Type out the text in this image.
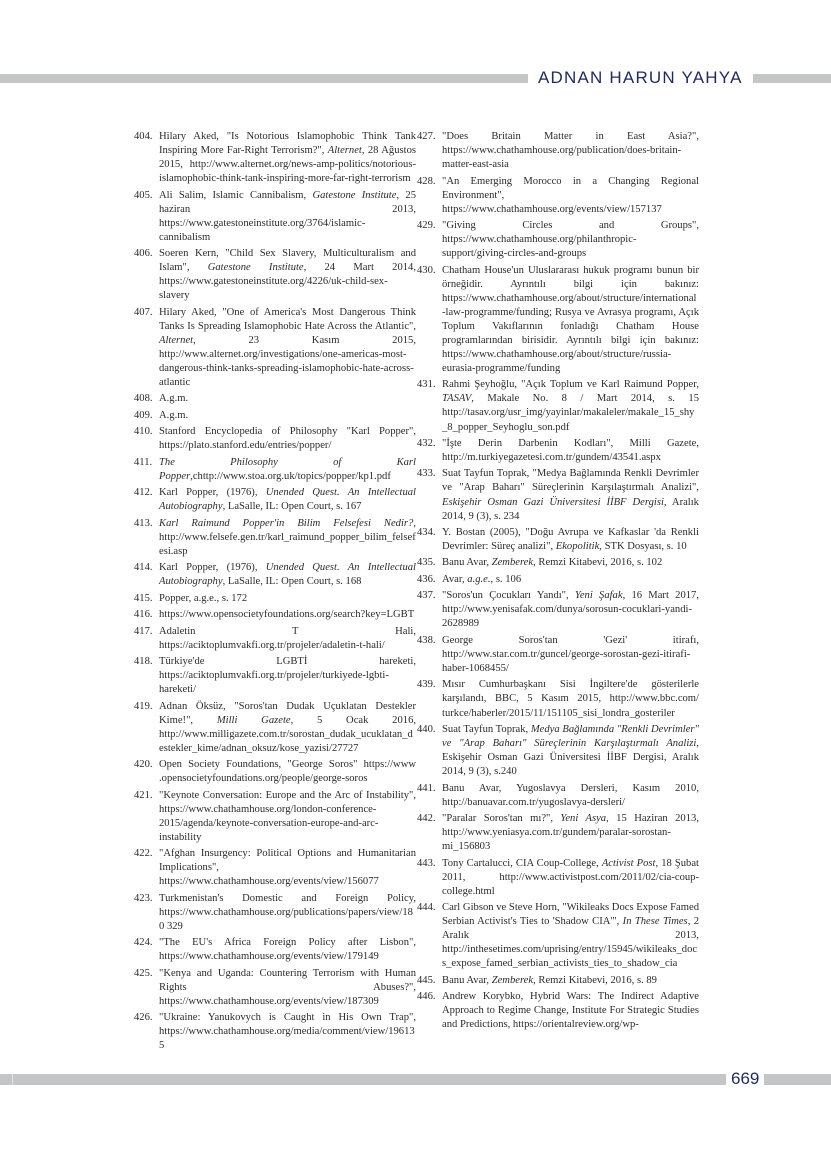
ADNAN HARUN YAHYA
404. Hilary Aked, "Is Notorious Islamophobic Think Tank Inspiring More Far-Right Terrorism?", Alternet, 28 Ağustos 2015, http://www.alternet.org/news-amp-politics/notorious-islamophobic-think-tank-inspiring-more-far-right-terrorism
405. Ali Salim, Islamic Cannibalism, Gatestone Institute, 25 haziran 2013, https://www.gatestoneinstitute.org/3764/islamic-cannibalism
406. Soeren Kern, "Child Sex Slavery, Multiculturalism and Islam", Gatestone Institute, 24 Mart 2014, https://www.gatestoneinstitute.org/4226/uk-child-sex-slavery
407. Hilary Aked, "One of America's Most Dangerous Think Tanks Is Spreading Islamophobic Hate Across the Atlantic", Alternet, 23 Kasım 2015, http://www.alternet.org/investigations/one-americas-most-dangerous-think-tanks-spreading-islamophobic-hate-across-atlantic
408. A.g.m.
409. A.g.m.
410. Stanford Encyclopedia of Philosophy "Karl Popper", https://plato.stanford.edu/entries/popper/
411. The Philosophy of Karl Popper,chttp://www.stoa.org.uk/topics/popper/kp1.pdf
412. Karl Popper, (1976), Unended Quest. An Intellectual Autobiography, LaSalle, IL: Open Court, s. 167
413. Karl Raimund Popper'in Bilim Felsefesi Nedir?, http://www.felsefe.gen.tr/karl_raimund_popper_bilim_felsefesi.asp
414. Karl Popper, (1976), Unended Quest. An Intellectual Autobiography, LaSalle, IL: Open Court, s. 168
415. Popper, a.g.e., s. 172
416. https://www.opensocietyfoundations.org/search?key=LGBT
417. Adaletin T Hali, https://aciktoplumvakfi.org.tr/projeler/adaletin-t-hali/
418. Türkiye'de LGBTİ hareketi, https://aciktoplumvakfi.org.tr/projeler/turkiyede-lgbti-hareketi/
419. Adnan Öksüz, "Soros'tan Dudak Uçuklatan Destekler Kime!", Milli Gazete, 5 Ocak 2016, http://www.milligazete.com.tr/sorostan_dudak_ucuklatan_destekler_kime/adnan_oksuz/kose_yazisi/27727
420. Open Society Foundations, "George Soros" https://www .opensocietyfoundations.org/people/george-soros
421. "Keynote Conversation: Europe and the Arc of Instability", https://www.chathamhouse.org/london-conference-2015/agenda/keynote-conversation-europe-and-arc-instability
422. "Afghan Insurgency: Political Options and Humanitarian Implications", https://www.chathamhouse.org/events/view/156077
423. Turkmenistan's Domestic and Foreign Policy, https://www.chathamhouse.org/publications/papers/view/180 329
424. "The EU's Africa Foreign Policy after Lisbon", https://www.chathamhouse.org/events/view/179149
425. "Kenya and Uganda: Countering Terrorism with Human Rights Abuses?", https://www.chathamhouse.org/events/view/187309
426. "Ukraine: Yanukovych is Caught in His Own Trap", https://www.chathamhouse.org/media/comment/view/196135
427. "Does Britain Matter in East Asia?", https://www.chathamhouse.org/publication/does-britain-matter-east-asia
428. "An Emerging Morocco in a Changing Regional Environment", https://www.chathamhouse.org/events/view/157137
429. "Giving Circles and Groups", https://www.chathamhouse.org/philanthropic-support/giving-circles-and-groups
430. Chatham House'un Uluslararası hukuk programı bunun bir örneğidir. Ayrıntılı bilgi için bakınız: https://www.chathamhouse.org/about/structure/international-law-programme/funding; Rusya ve Avrasya programı, Açık Toplum Vakıflarının fonladığı Chatham House programlarından birisidir. Ayrıntılı bilgi için bakınız: https://www.chathamhouse.org/about/structure/russia-eurasia-programme/funding
431. Rahmi Şeyhoğlu, "Açık Toplum ve Karl Raimund Popper, TASAV, Makale No. 8 / Mart 2014, s. 15 http://tasav.org/usr_img/yayinlar/makaleler/makale_15_shy_8_popper_Seyhoglu_son.pdf
432. "İşte Derin Darbenin Kodları", Milli Gazete, http://m.turkiyegazetesi.com.tr/gundem/43541.aspx
433. Suat Tayfun Toprak, "Medya Bağlamında Renkli Devrimler ve "Arap Baharı" Süreçlerinin Karşılaştırmalı Analizi", Eskişehir Osman Gazi Üniversitesi İİBF Dergisi, Aralık 2014, 9 (3), s. 234
434. Y. Bostan (2005), "Doğu Avrupa ve Kafkaslar 'da Renkli Devrimler: Süreç analizi", Ekopolitik, STK Dosyası, s. 10
435. Banu Avar, Zemberek, Remzi Kitabevi, 2016, s. 102
436. Avar, a.g.e., s. 106
437. "Soros'un Çocukları Yandı", Yeni Şafak, 16 Mart 2017, http://www.yenisafak.com/dunya/sorosun-cocuklari-yandi-2628989
438. George Soros'tan 'Gezi' itirafı, http://www.star.com.tr/guncel/george-sorostan-gezi-itirafi-haber-1068455/
439. Mısır Cumhurbaşkanı Sisi İngiltere'de gösterilerle karşılandı, BBC, 5 Kasım 2015, http://www.bbc.com/ turkce/haberler/2015/11/151105_sisi_londra_gosteriler
440. Suat Tayfun Toprak, Medya Bağlamında "Renkli Devrimler" ve "Arap Baharı" Süreçlerinin Karşılaştırmalı Analizi, Eskişehir Osman Gazi Üniversitesi İİBF Dergisi, Aralık 2014, 9 (3), s.240
441. Banu Avar, Yugoslavya Dersleri, Kasım 2010, http://banuavar.com.tr/yugoslavya-dersleri/
442. "Paralar Soros'tan mı?", Yeni Asya, 15 Haziran 2013, http://www.yeniasya.com.tr/gundem/paralar-sorostan-mi_156803
443. Tony Cartalucci, CIA Coup-College, Activist Post, 18 Şubat 2011, http://www.activistpost.com/2011/02/cia-coup-college.html
444. Carl Gibson ve Steve Horn, "Wikileaks Docs Expose Famed Serbian Activist's Ties to 'Shadow CIA'", In These Times, 2 Aralık 2013, http://inthesetimes.com/uprising/entry/15945/wikileaks_docs_expose_famed_serbian_activists_ties_to_shadow_cia
445. Banu Avar, Zemberek, Remzi Kitabevi, 2016, s. 89
446. Andrew Korybko, Hybrid Wars: The Indirect Adaptive Approach to Regime Change, Institute For Strategic Studies and Predictions, https://orientalreview.org/wp-
669
